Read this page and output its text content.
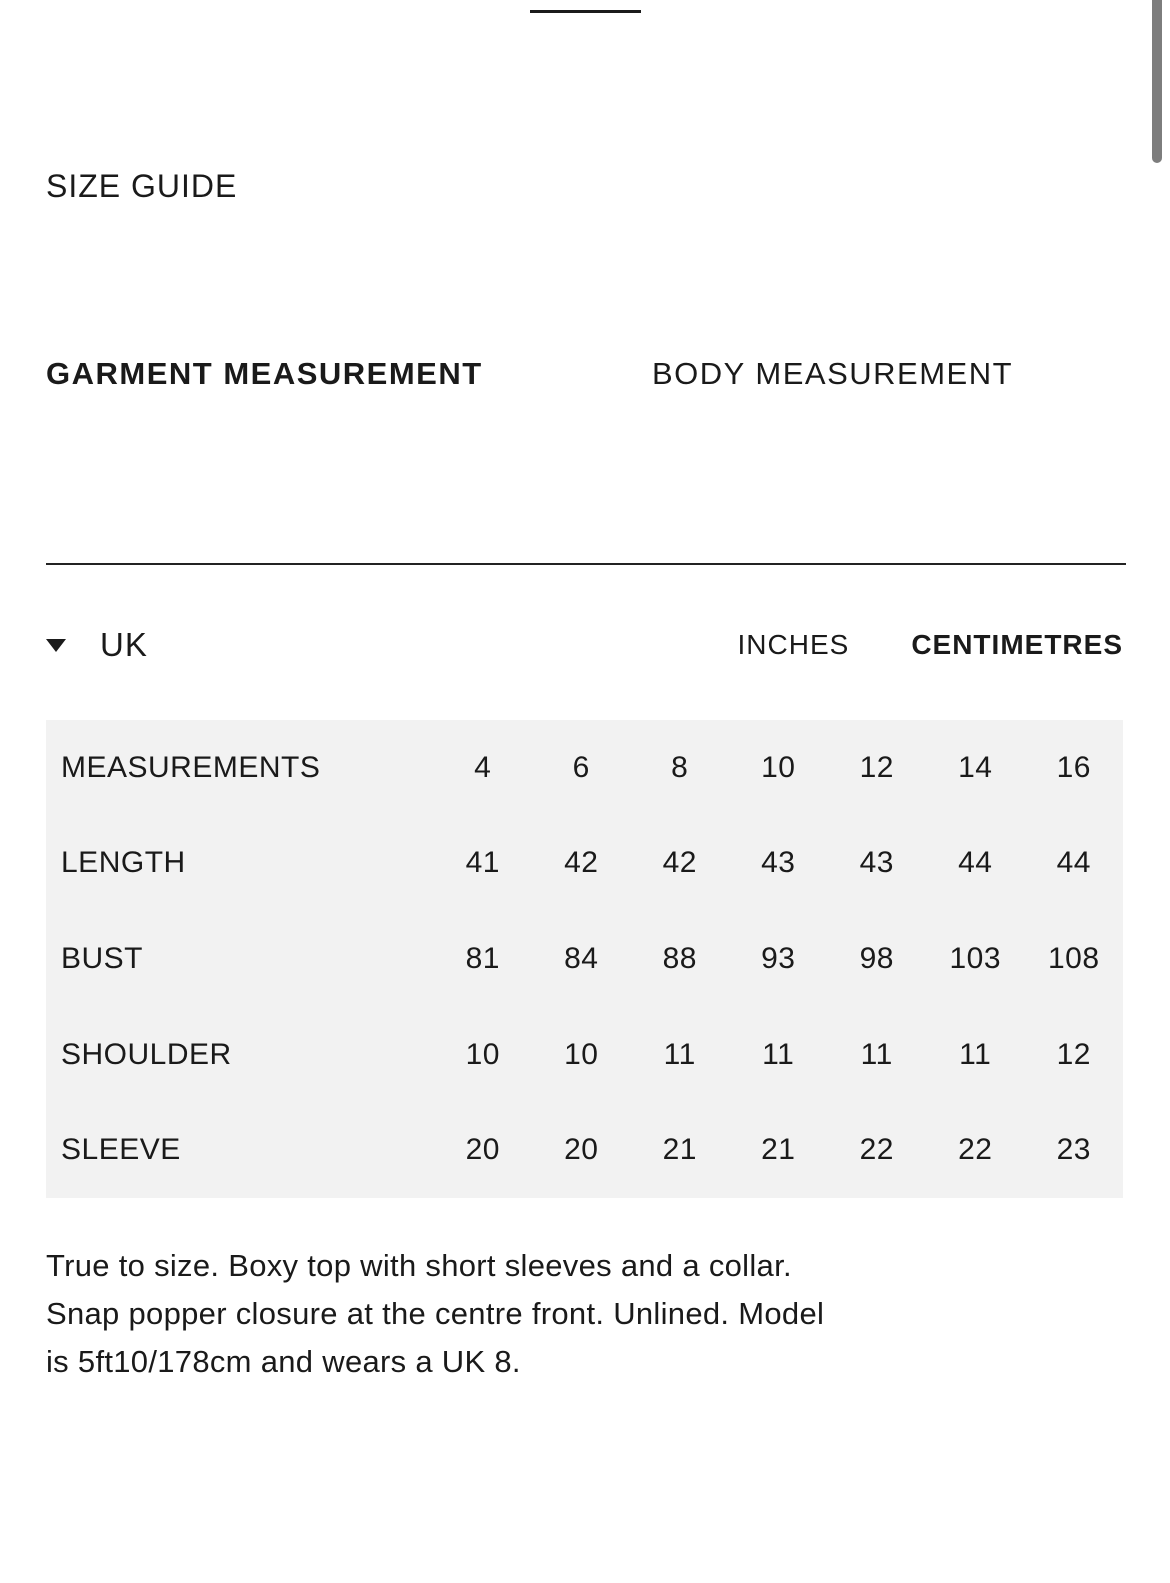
SIZE GUIDE
GARMENT MEASUREMENT	BODY MEASUREMENT
UK	INCHES CENTIMETRES
MEASUREMENTS	4	6	8	10	12	14	16
LENGTH	41	42	42	43	43	44	44
BUST	81	84	88	93	98	103	108
SHOULDER	10	10	11	11	11	11	12
SLEEVE	20	20	21	21	22	22	23
True to size. Boxy top with short sleeves and a collar.
Snap popper closure at the centre front. Unlined. Model
is 5ft10/178cm and wears a UK 8.
